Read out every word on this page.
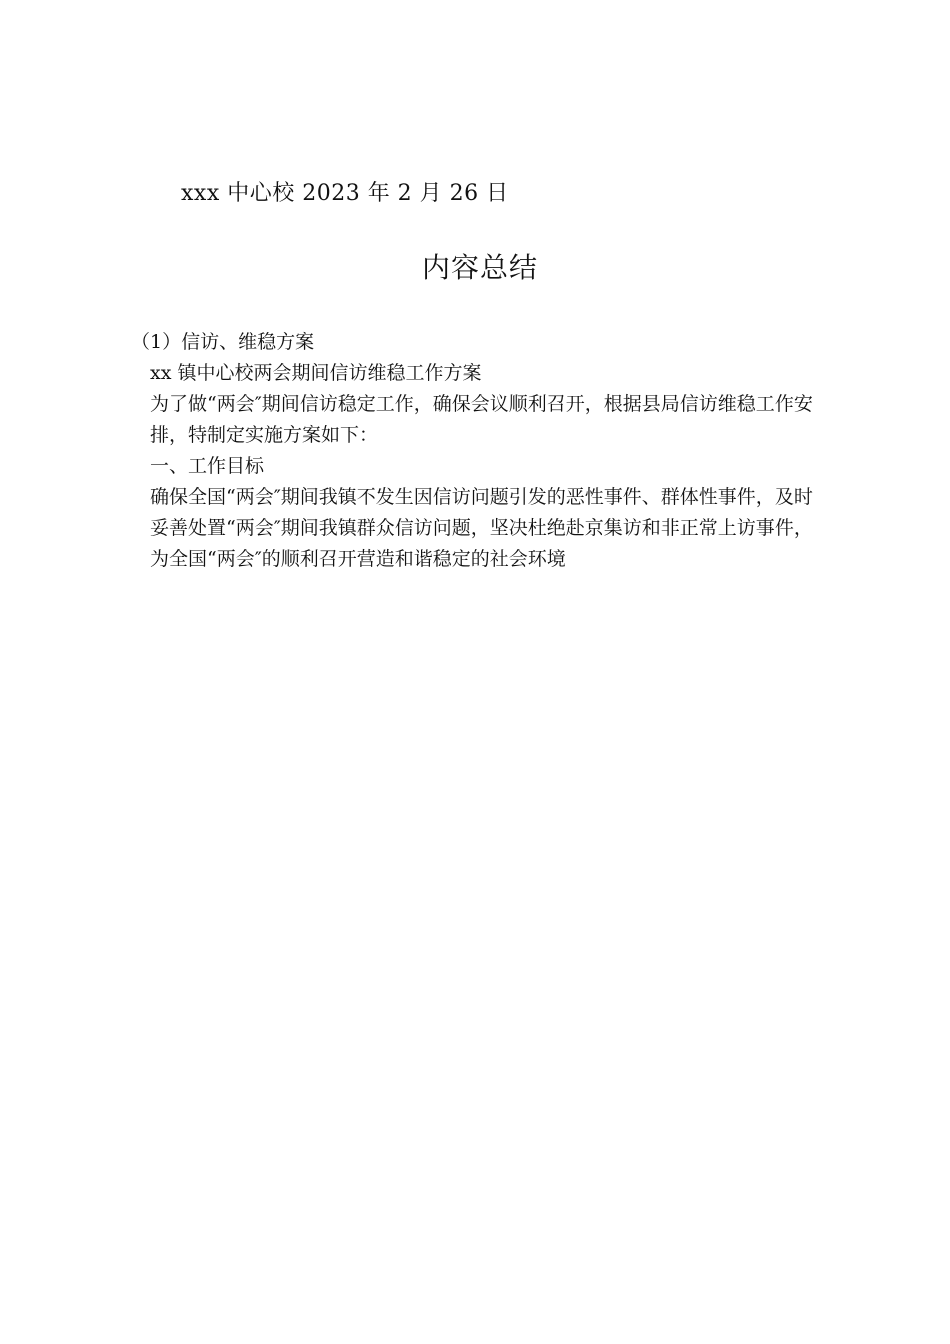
xxx 中心校 2023 年 2 月 26 日
内容总结

（1）信访、维稳方案

xx 镇中心校两会期间信访维稳工作方案

为了做“两会″期间信访稳定工作，确保会议顺利召开，根据县局信访维稳工作安排，特制定实施方案如下：

一、工作目标

确保全国“两会″期间我镇不发生因信访问题引发的恶性事件、群体性事件，及时妥善处置“两会″期间我镇群众信访问题，坚决杜绝赴京集访和非正常上访事件，为全国“两会″的顺利召开营造和谐稳定的社会环境
